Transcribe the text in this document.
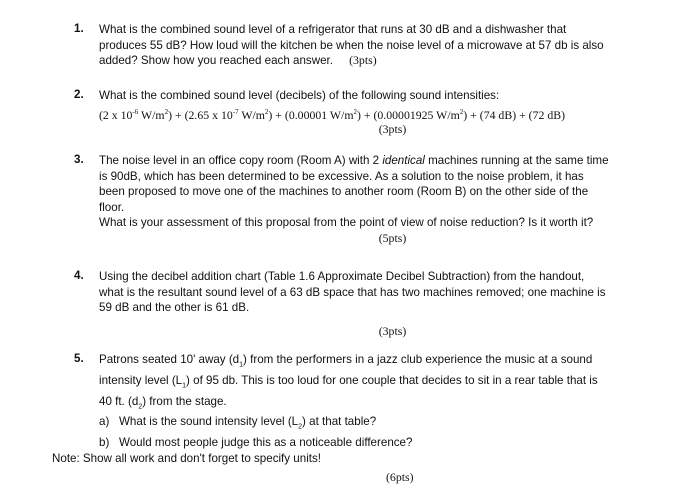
1. What is the combined sound level of a refrigerator that runs at 30 dB and a dishwasher that
produces 55 dB? How loud will the kitchen be when the noise level of a microwave at 57 db is also
added? Show how you reached each answer. (3pts)
2. What is the combined sound level (decibels) of the following sound intensities:
(2 x $10^{-6}$ $W/m^2) + (2.65$ x $10^{-7}$ $W/m^2) + (0.00001$ $W/m^2) + (0.00001925$ $W/m^2) + (74$ dB) + (72 dB)
(3pts)
3. The noise level in an office copy room (Room A) with 2 identical machines running at the same time
is 90dB, which has been determined to be excessive. As a solution to the noise problem, it has
been proposed to move one of the machines to another room (Room B) on the other side of the
floor.
What is your assessment of this proposal from the point of view of noise reduction? Is it worth it?
(5pts)
4. Using the decibel addition chart (Table 1.6 Approximate Decibel Subtraction) from the handout,
what is the resultant sound level of a 63 dB space that has two machines removed; one machine is
59 dB and the other is 61 dB.
(3pts)
5. Patrons seated 10' away $(d_1)$ from the performers in a jazz club experience the music at a sound
intensity level $(L_1)$ of 95 db. This is too loud for one couple that decides to sit in a rear table that is
40 ft. $(d_2)$ from the stage.
a) What is the sound intensity level $(L_2)$ at that table?
b) Would most people judge this as a noticeable difference?
Note: Show all work and don't forget to specify units!
(6pts)
